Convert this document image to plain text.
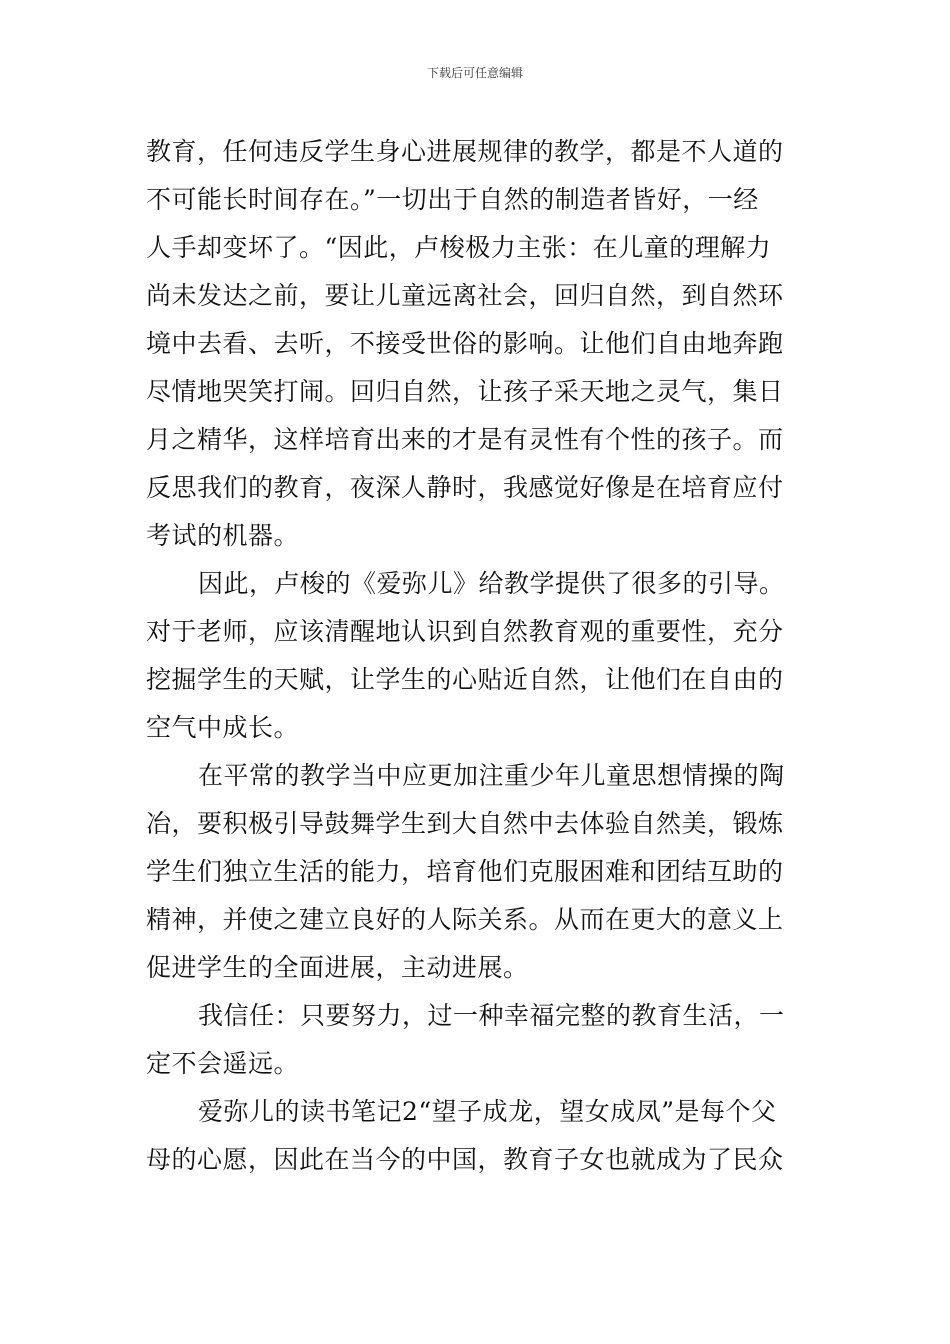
下载后可任意编辑
教育，任何违反学生身心进展规律的教学，都是不人道的
不可能长时间存在。”一切出于自然的制造者皆好，一经
人手却变坏了。“因此，卢梭极力主张：在儿童的理解力
尚未发达之前，要让儿童远离社会，回归自然，到自然环
境中去看、去听，不接受世俗的影响。让他们自由地奔跑
尽情地哭笑打闹。回归自然，让孩子采天地之灵气，集日
月之精华，这样培育出来的才是有灵性有个性的孩子。而
反思我们的教育，夜深人静时，我感觉好像是在培育应付
考试的机器。
因此，卢梭的《爱弥儿》给教学提供了很多的引导。
对于老师，应该清醒地认识到自然教育观的重要性，充分
挖掘学生的天赋，让学生的心贴近自然，让他们在自由的
空气中成长。
在平常的教学当中应更加注重少年儿童思想情操的陶
冶，要积极引导鼓舞学生到大自然中去体验自然美，锻炼
学生们独立生活的能力，培育他们克服困难和团结互助的
精神，并使之建立良好的人际关系。从而在更大的意义上
促进学生的全面进展，主动进展。
我信任：只要努力，过一种幸福完整的教育生活，一
定不会遥远。
爱弥儿的读书笔记2“望子成龙，望女成凤”是每个父
母的心愿，因此在当今的中国，教育子女也就成为了民众
